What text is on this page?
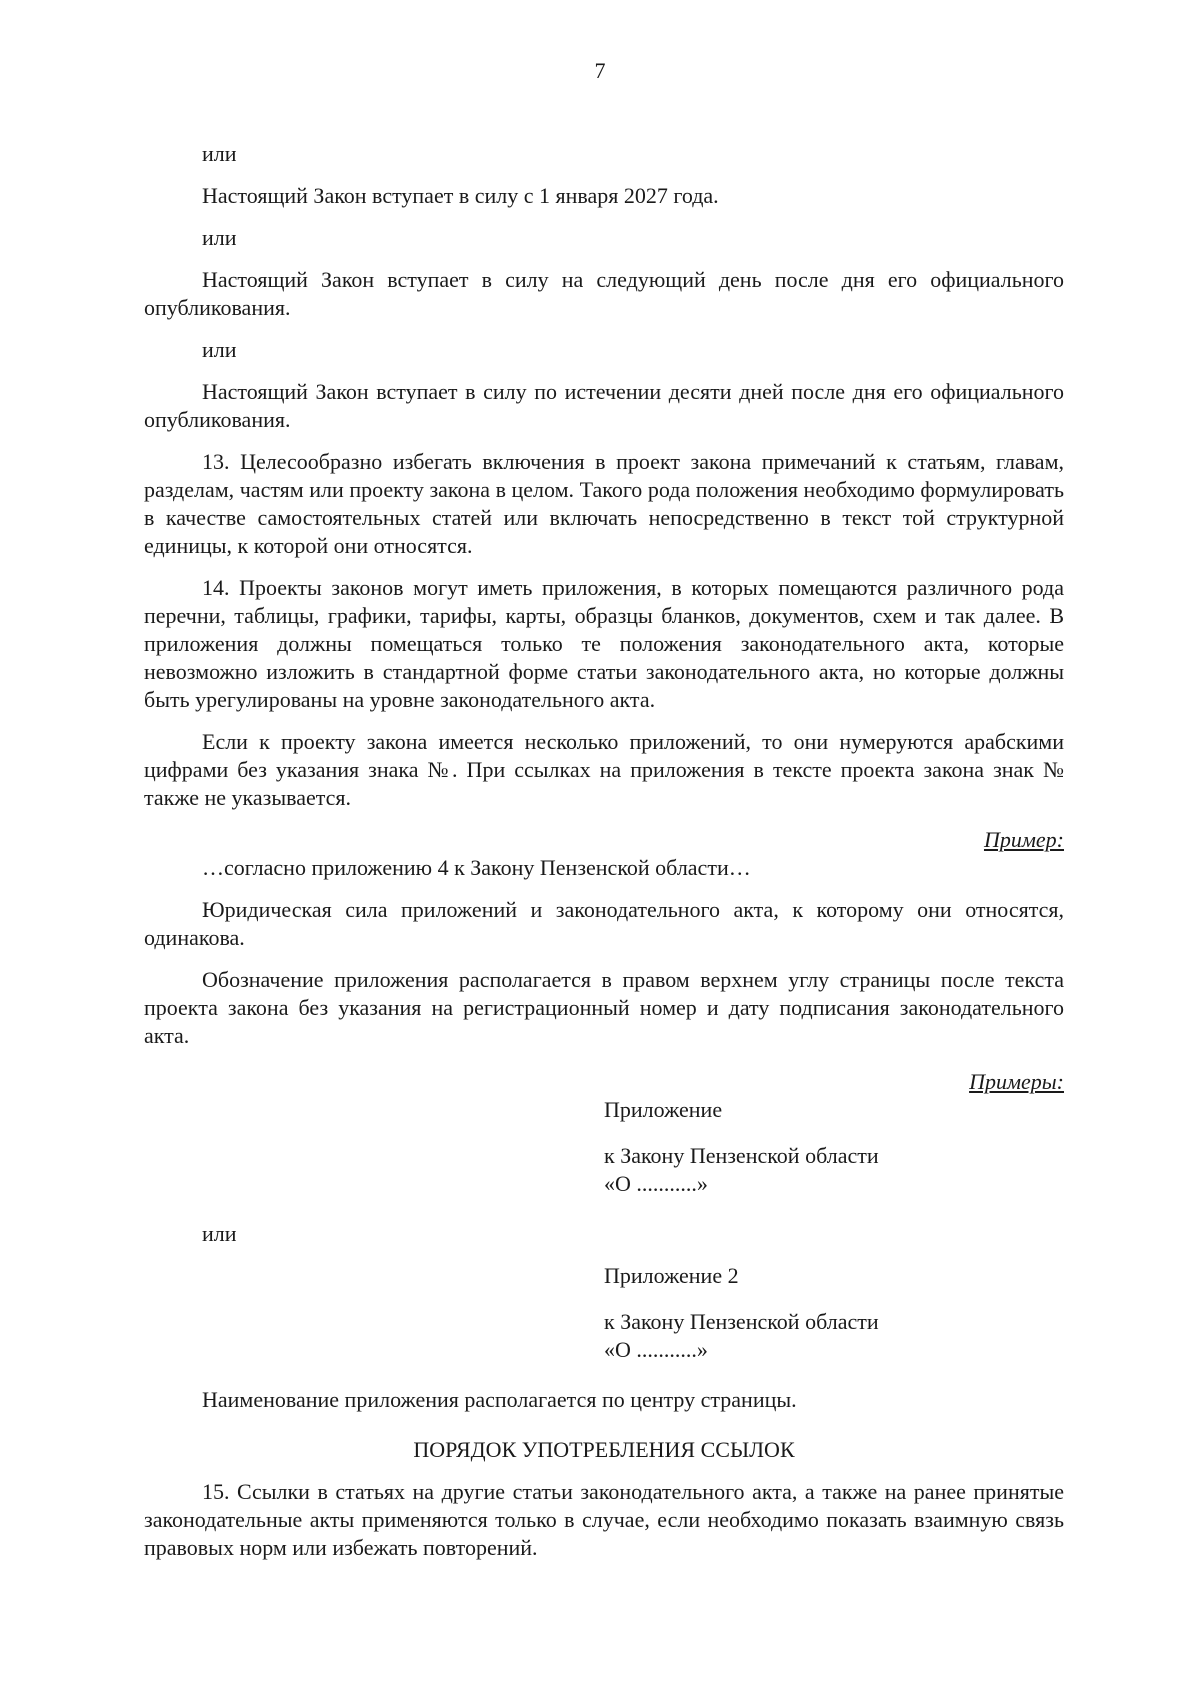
7

или

Настоящий Закон вступает в силу с 1 января 2027 года.

или

Настоящий Закон вступает в силу на следующий день после дня его официального опубликования.

или

Настоящий Закон вступает в силу по истечении десяти дней после дня его официального опубликования.

13. Целесообразно избегать включения в проект закона примечаний к статьям, главам, разделам, частям или проекту закона в целом. Такого рода положения необходимо формулировать в качестве самостоятельных статей или включать непосредственно в текст той структурной единицы, к которой они относятся.

14. Проекты законов могут иметь приложения, в которых помещаются различного рода перечни, таблицы, графики, тарифы, карты, образцы бланков, документов, схем и так далее. В приложения должны помещаться только те положения законодательного акта, которые невозможно изложить в стандартной форме статьи законодательного акта, но которые должны быть урегулированы на уровне законодательного акта.

Если к проекту закона имеется несколько приложений, то они нумеруются арабскими цифрами без указания знака №. При ссылках на приложения в тексте проекта закона знак № также не указывается.

Пример:

…согласно приложению 4 к Закону Пензенской области…

Юридическая сила приложений и законодательного акта, к которому они относятся, одинакова.

Обозначение приложения располагается в правом верхнем углу страницы после текста проекта закона без указания на регистрационный номер и дату подписания законодательного акта.

Примеры:

Приложение

к Закону Пензенской области

«О ...........»

или

Приложение 2

к Закону Пензенской области

«О ...........»

Наименование приложения располагается по центру страницы.

ПОРЯДОК УПОТРЕБЛЕНИЯ ССЫЛОК

15. Ссылки в статьях на другие статьи законодательного акта, а также на ранее принятые законодательные акты применяются только в случае, если необходимо показать взаимную связь правовых норм или избежать повторений.
